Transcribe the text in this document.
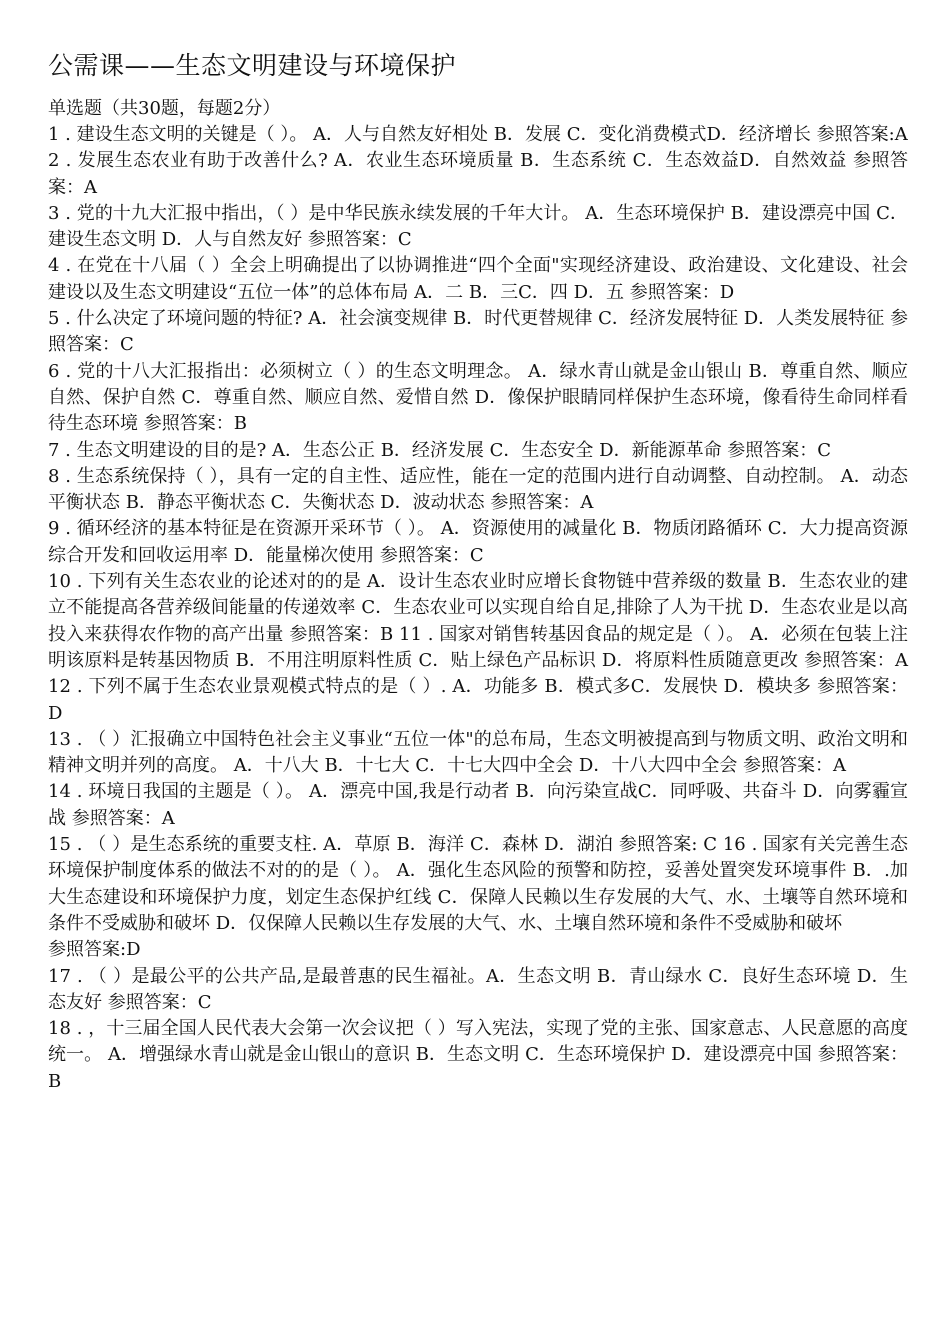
公需课——生态文明建设与环境保护

单选题（共30题，每题2分）

1 . 建设生态文明的关键是（ ）。 A．人与自然友好相处 B．发展 C．变化消费模式D．经济增长 参照答案:A

2 . 发展生态农业有助于改善什么? A．农业生态环境质量 B．生态系统 C．生态效益D．自然效益 参照答案：A

3 . 党的十九大汇报中指出，（ ）是中华民族永续发展的千年大计。 A．生态环境保护 B．建设漂亮中国 C．建设生态文明 D．人与自然友好 参照答案：C

4 . 在党在十八届（ ）全会上明确提出了以协调推进“四个全面"实现经济建设、政治建设、文化建设、社会建设以及生态文明建设“五位一体”的总体布局 A．二 B．三C．四 D．五 参照答案：D

5 . 什么决定了环境问题的特征? A．社会演变规律 B．时代更替规律 C．经济发展特征 D．人类发展特征 参照答案：C

6 . 党的十八大汇报指出：必须树立（ ）的生态文明理念。 A．绿水青山就是金山银山 B．尊重自然、顺应自然、保护自然 C．尊重自然、顺应自然、爱惜自然 D．像保护眼睛同样保护生态环境，像看待生命同样看待生态环境 参照答案：B

7 . 生态文明建设的目的是? A．生态公正 B．经济发展 C．生态安全 D．新能源革命 参照答案：C

8 . 生态系统保持（ ），具有一定的自主性、适应性，能在一定的范围内进行自动调整、自动控制。 A．动态平衡状态 B．静态平衡状态 C．失衡状态 D．波动状态 参照答案：A

9 . 循环经济的基本特征是在资源开采环节（ ）。 A．资源使用的减量化 B．物质闭路循环 C．大力提高资源综合开发和回收运用率 D．能量梯次使用 参照答案：C

10 . 下列有关生态农业的论述对的的是 A．设计生态农业时应增长食物链中营养级的数量 B．生态农业的建立不能提高各营养级间能量的传递效率 C．生态农业可以实现自给自足,排除了人为干扰 D．生态农业是以高投入来获得农作物的高产出量 参照答案：B 11 . 国家对销售转基因食品的规定是（ ）。 A．必须在包装上注明该原料是转基因物质 B．不用注明原料性质 C．贴上绿色产品标识 D．将原料性质随意更改 参照答案：A 12 . 下列不属于生态农业景观模式特点的是（ ）. A．功能多 B．模式多C．发展快 D．模块多 参照答案：D

13 . （ ）汇报确立中国特色社会主义事业“五位一体"的总布局，生态文明被提高到与物质文明、政治文明和精神文明并列的高度。 A．十八大 B．十七大 C．十七大四中全会 D．十八大四中全会 参照答案：A

14 . 环境日我国的主题是（ ）。 A．漂亮中国,我是行动者 B．向污染宣战C．同呼吸、共奋斗 D．向雾霾宣战 参照答案：A

15 . （ ）是生态系统的重要支柱. A．草原 B．海洋 C．森林 D．湖泊 参照答案: C 16 . 国家有关完善生态环境保护制度体系的做法不对的的是（ ）。 A．强化生态风险的预警和防控，妥善处置突发环境事件 B．.加大生态建设和环境保护力度，划定生态保护红线 C．保障人民赖以生存发展的大气、水、土壤等自然环境和条件不受威胁和破坏 D．仅保障人民赖以生存发展的大气、水、土壤自然环境和条件不受威胁和破坏

参照答案:D

17 . （ ）是最公平的公共产品,是最普惠的民生福祉。A．生态文明 B．青山绿水 C．良好生态环境 D．生态友好 参照答案：C

18 . ，十三届全国人民代表大会第一次会议把（ ）写入宪法，实现了党的主张、国家意志、人民意愿的高度统一。 A．增强绿水青山就是金山银山的意识 B．生态文明 C．生态环境保护 D．建设漂亮中国 参照答案：B
